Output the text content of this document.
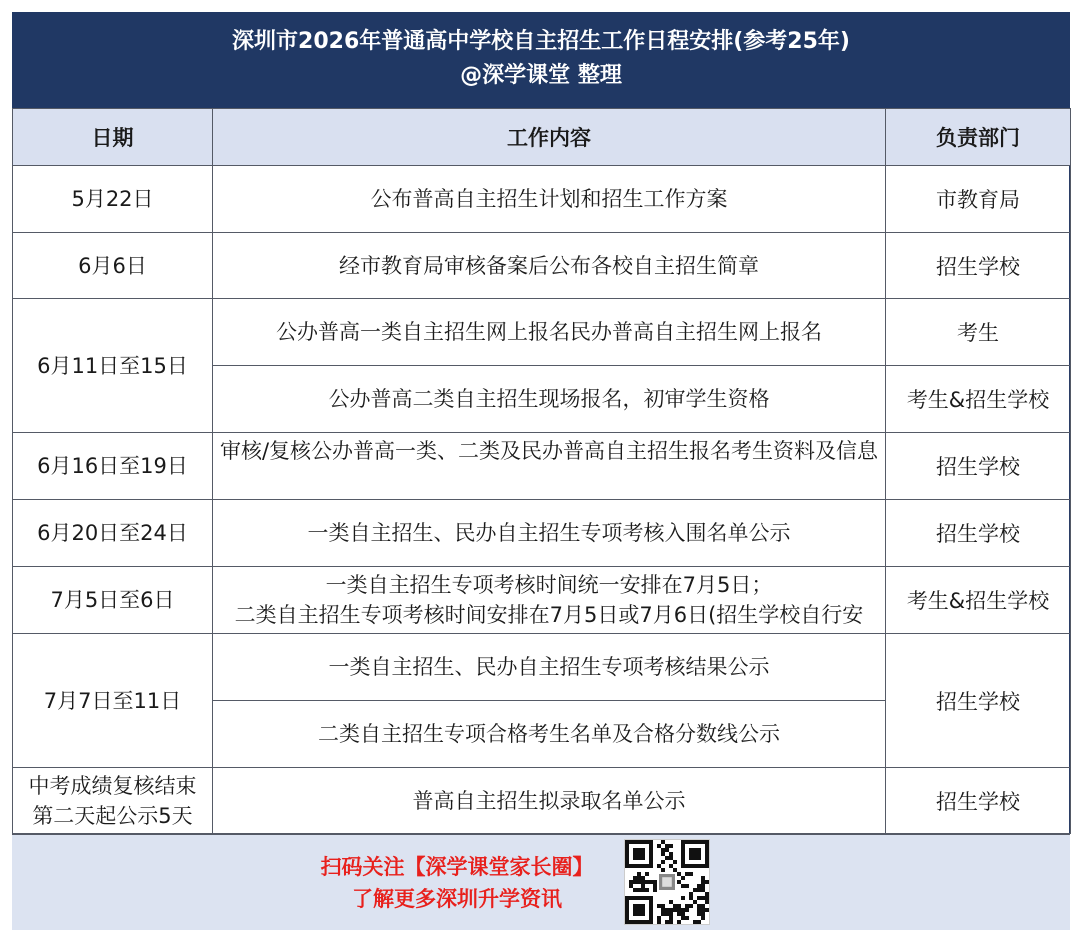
深圳市2026年普通高中学校自主招生工作日程安排(参考25年)
@深学课堂 整理
日期	工作内容	负责部门
5月22日	公布普高自主招生计划和招生工作方案	市教育局
6月6日	经市教育局审核备案后公布各校自主招生简章	招生学校
6月11日至15日	公办普高一类自主招生网上报名民办普高自主招生网上报名	考生
	公办普高二类自主招生现场报名，初审学生资格	考生&招生学校
6月16日至19日	审核/复核公办普高一类、二类及民办普高自主招生报名考生资料及信息	招生学校
6月20日至24日	一类自主招生、民办自主招生专项考核入围名单公示	招生学校
7月5日至6日	一类自主招生专项考核时间统一安排在7月5日；
二类自主招生专项考核时间安排在7月5日或7月6日(招生学校自行安	考生&招生学校
7月7日至11日	一类自主招生、民办自主招生专项考核结果公示	招生学校
	二类自主招生专项合格考生名单及合格分数线公示	

中考成绩复核结束
第二天起公示5天	普高自主招生拟录取名单公示	招生学校
扫码关注【深学课堂家长圈】
了解更多深圳升学资讯
